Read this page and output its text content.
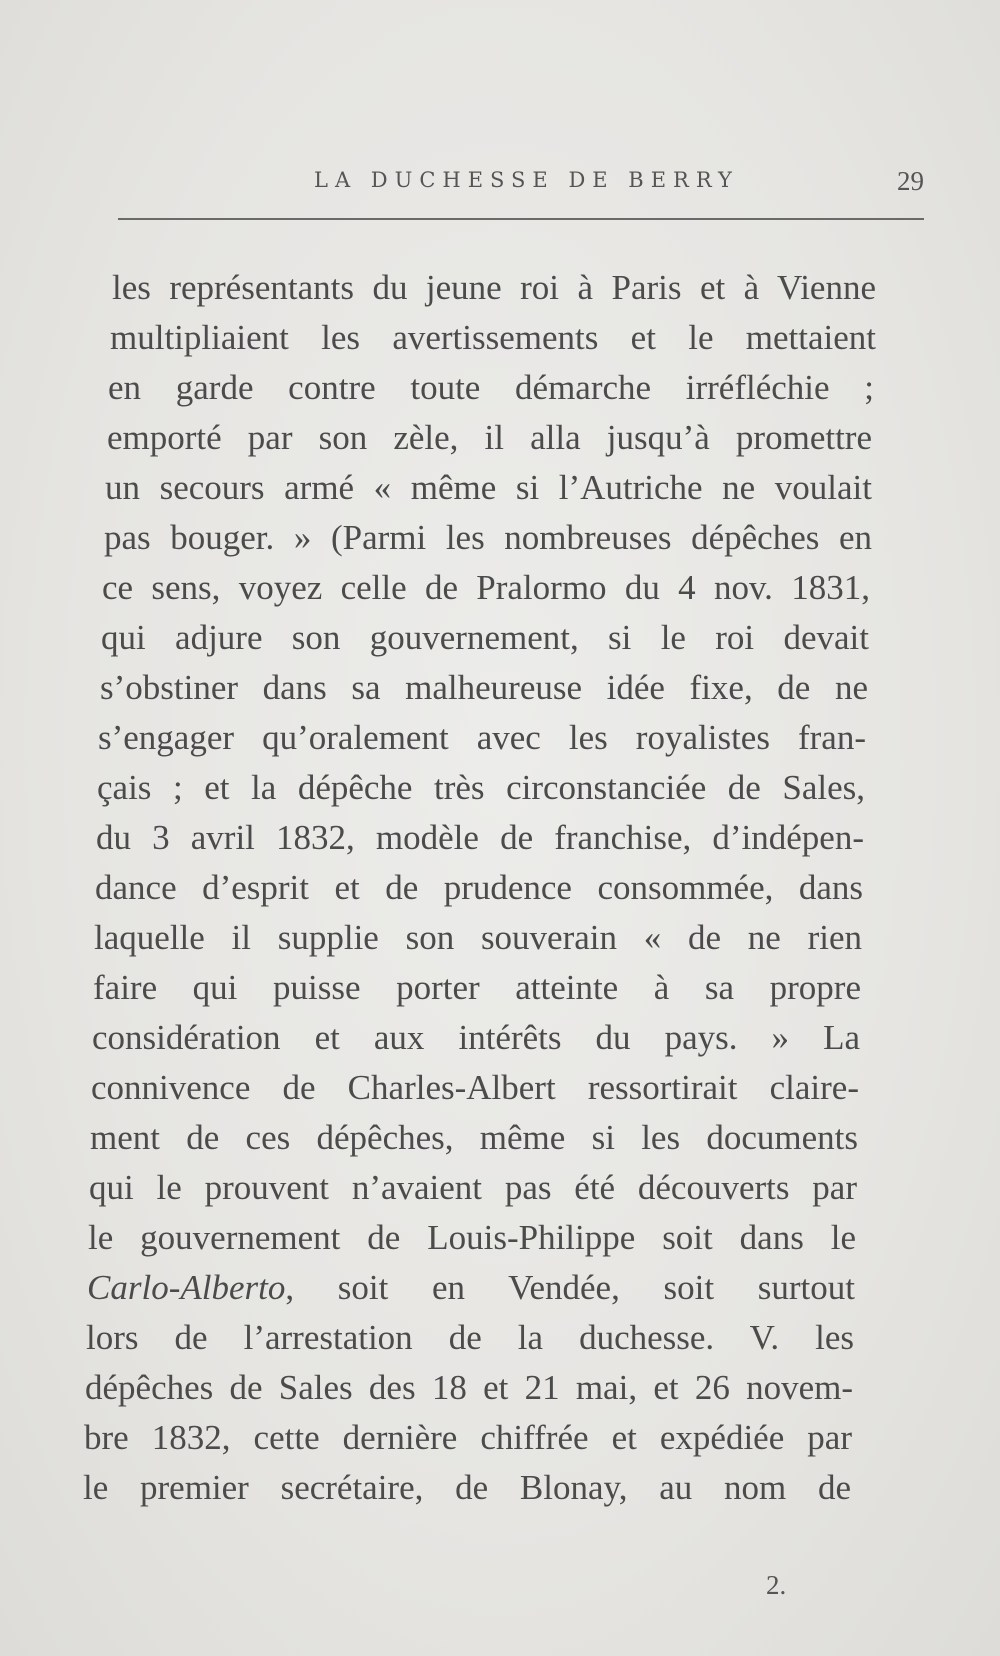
LA DUCHESSE DE BERRY	29
les représentants du jeune roi à Paris et à Vienne
multipliaient les avertissements et le mettaient
en garde contre toute démarche irréfléchie ;
emporté par son zèle, il alla jusqu’à promettre
un secours armé « même si l’Autriche ne voulait
pas bouger. » (Parmi les nombreuses dépêches en
ce sens, voyez celle de Pralormo du 4 nov. 1831,
qui adjure son gouvernement, si le roi devait
s’obstiner dans sa malheureuse idée fixe, de ne
s’engager qu’oralement avec les royalistes fran-
çais ; et la dépêche très circonstanciée de Sales,
du 3 avril 1832, modèle de franchise, d’indépen-
dance d’esprit et de prudence consommée, dans
laquelle il supplie son souverain « de ne rien
faire qui puisse porter atteinte à sa propre
considération et aux intérêts du pays. » La
connivence de Charles-Albert ressortirait claire-
ment de ces dépêches, même si les documents
qui le prouvent n’avaient pas été découverts par
le gouvernement de Louis-Philippe soit dans le
Carlo-Alberto, soit en Vendée, soit surtout
lors de l’arrestation de la duchesse. V. les
dépêches de Sales des 18 et 21 mai, et 26 novem-
bre 1832, cette dernière chiffrée et expédiée par
le premier secrétaire, de Blonay, au nom de
2.
